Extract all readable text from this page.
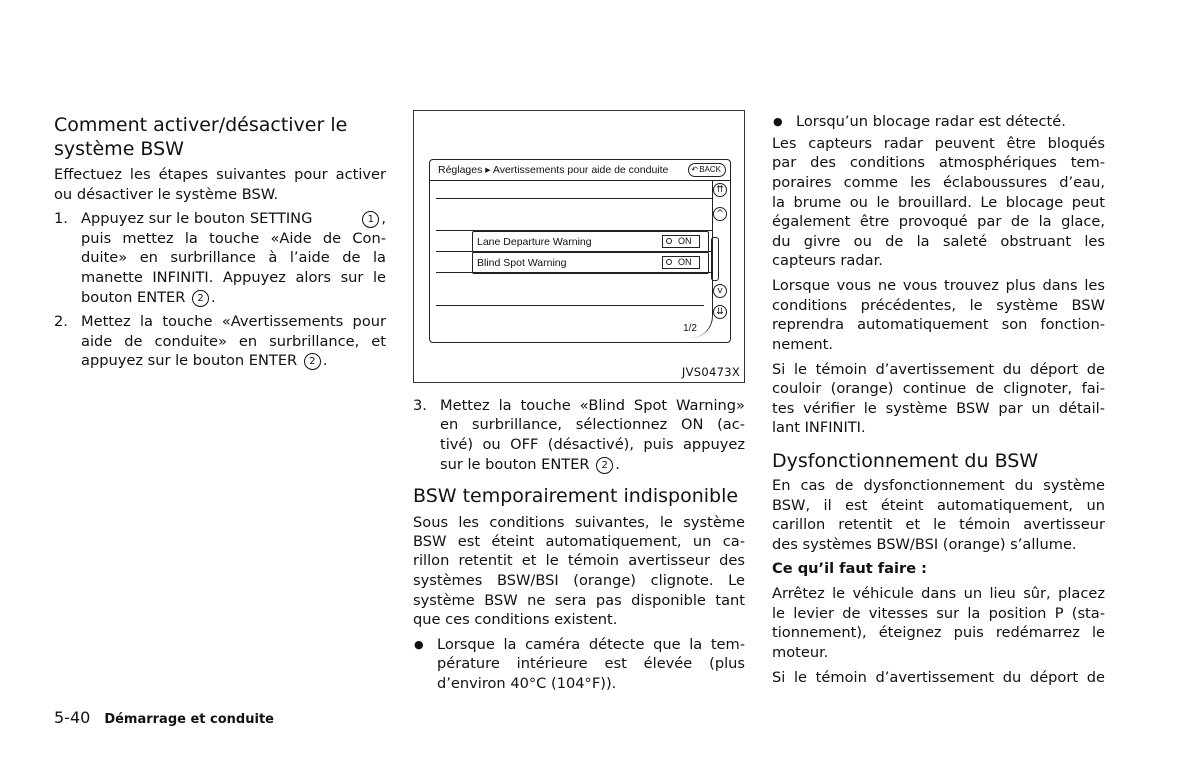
Comment activer/désactiver le
système BSW
Effectuez les étapes suivantes pour activer
ou désactiver le système BSW.
1. Appuyez sur le bouton SETTING	1 ,
puis mettez la touche «Aide de Con-
duite» en surbrillance à l’aide de la
manette INFINITI. Appuyez alors sur le
bouton ENTER 2 .
2. Mettez la touche «Avertissements pour
aide de conduite» en surbrillance, et
appuyez sur le bouton ENTER 2 .
Réglages ▸ Avertissements pour aide de conduite	↶ BACK
Lane Departure Warning	ON
Blind Spot Warning	ON
1/2
⇈
^
v
⇊
JVS0473X
3. Mettez la touche «Blind Spot Warning»
en surbrillance, sélectionnez ON (ac-
tivé) ou OFF (désactivé), puis appuyez
sur le bouton ENTER 2 .
BSW temporairement indisponible
Sous les conditions suivantes, le système
BSW est éteint automatiquement, un ca-
rillon retentit et le témoin avertisseur des
systèmes BSW/BSI (orange) clignote. Le
système BSW ne sera pas disponible tant
que ces conditions existent.
● Lorsque la caméra détecte que la tem-
pérature intérieure est élevée (plus
d’environ 40°C (104°F)).
● Lorsqu’un blocage radar est détecté.
Les capteurs radar peuvent être bloqués
par des conditions atmosphériques tem-
poraires comme les éclaboussures d’eau,
la brume ou le brouillard. Le blocage peut
également être provoqué par de la glace,
du givre ou de la saleté obstruant les
capteurs radar.
Lorsque vous ne vous trouvez plus dans les
conditions précédentes, le système BSW
reprendra automatiquement son fonction-
nement.
Si le témoin d’avertissement du déport de
couloir (orange) continue de clignoter, fai-
tes vérifier le système BSW par un détail-
lant INFINITI.
Dysfonctionnement du BSW
En cas de dysfonctionnement du système
BSW, il est éteint automatiquement, un
carillon retentit et le témoin avertisseur
des systèmes BSW/BSI (orange) s’allume.
Ce qu’il faut faire :
Arrêtez le véhicule dans un lieu sûr, placez
le levier de vitesses sur la position P (sta-
tionnement), éteignez puis redémarrez le
moteur.
Si le témoin d’avertissement du déport de
5-40 Démarrage et conduite
